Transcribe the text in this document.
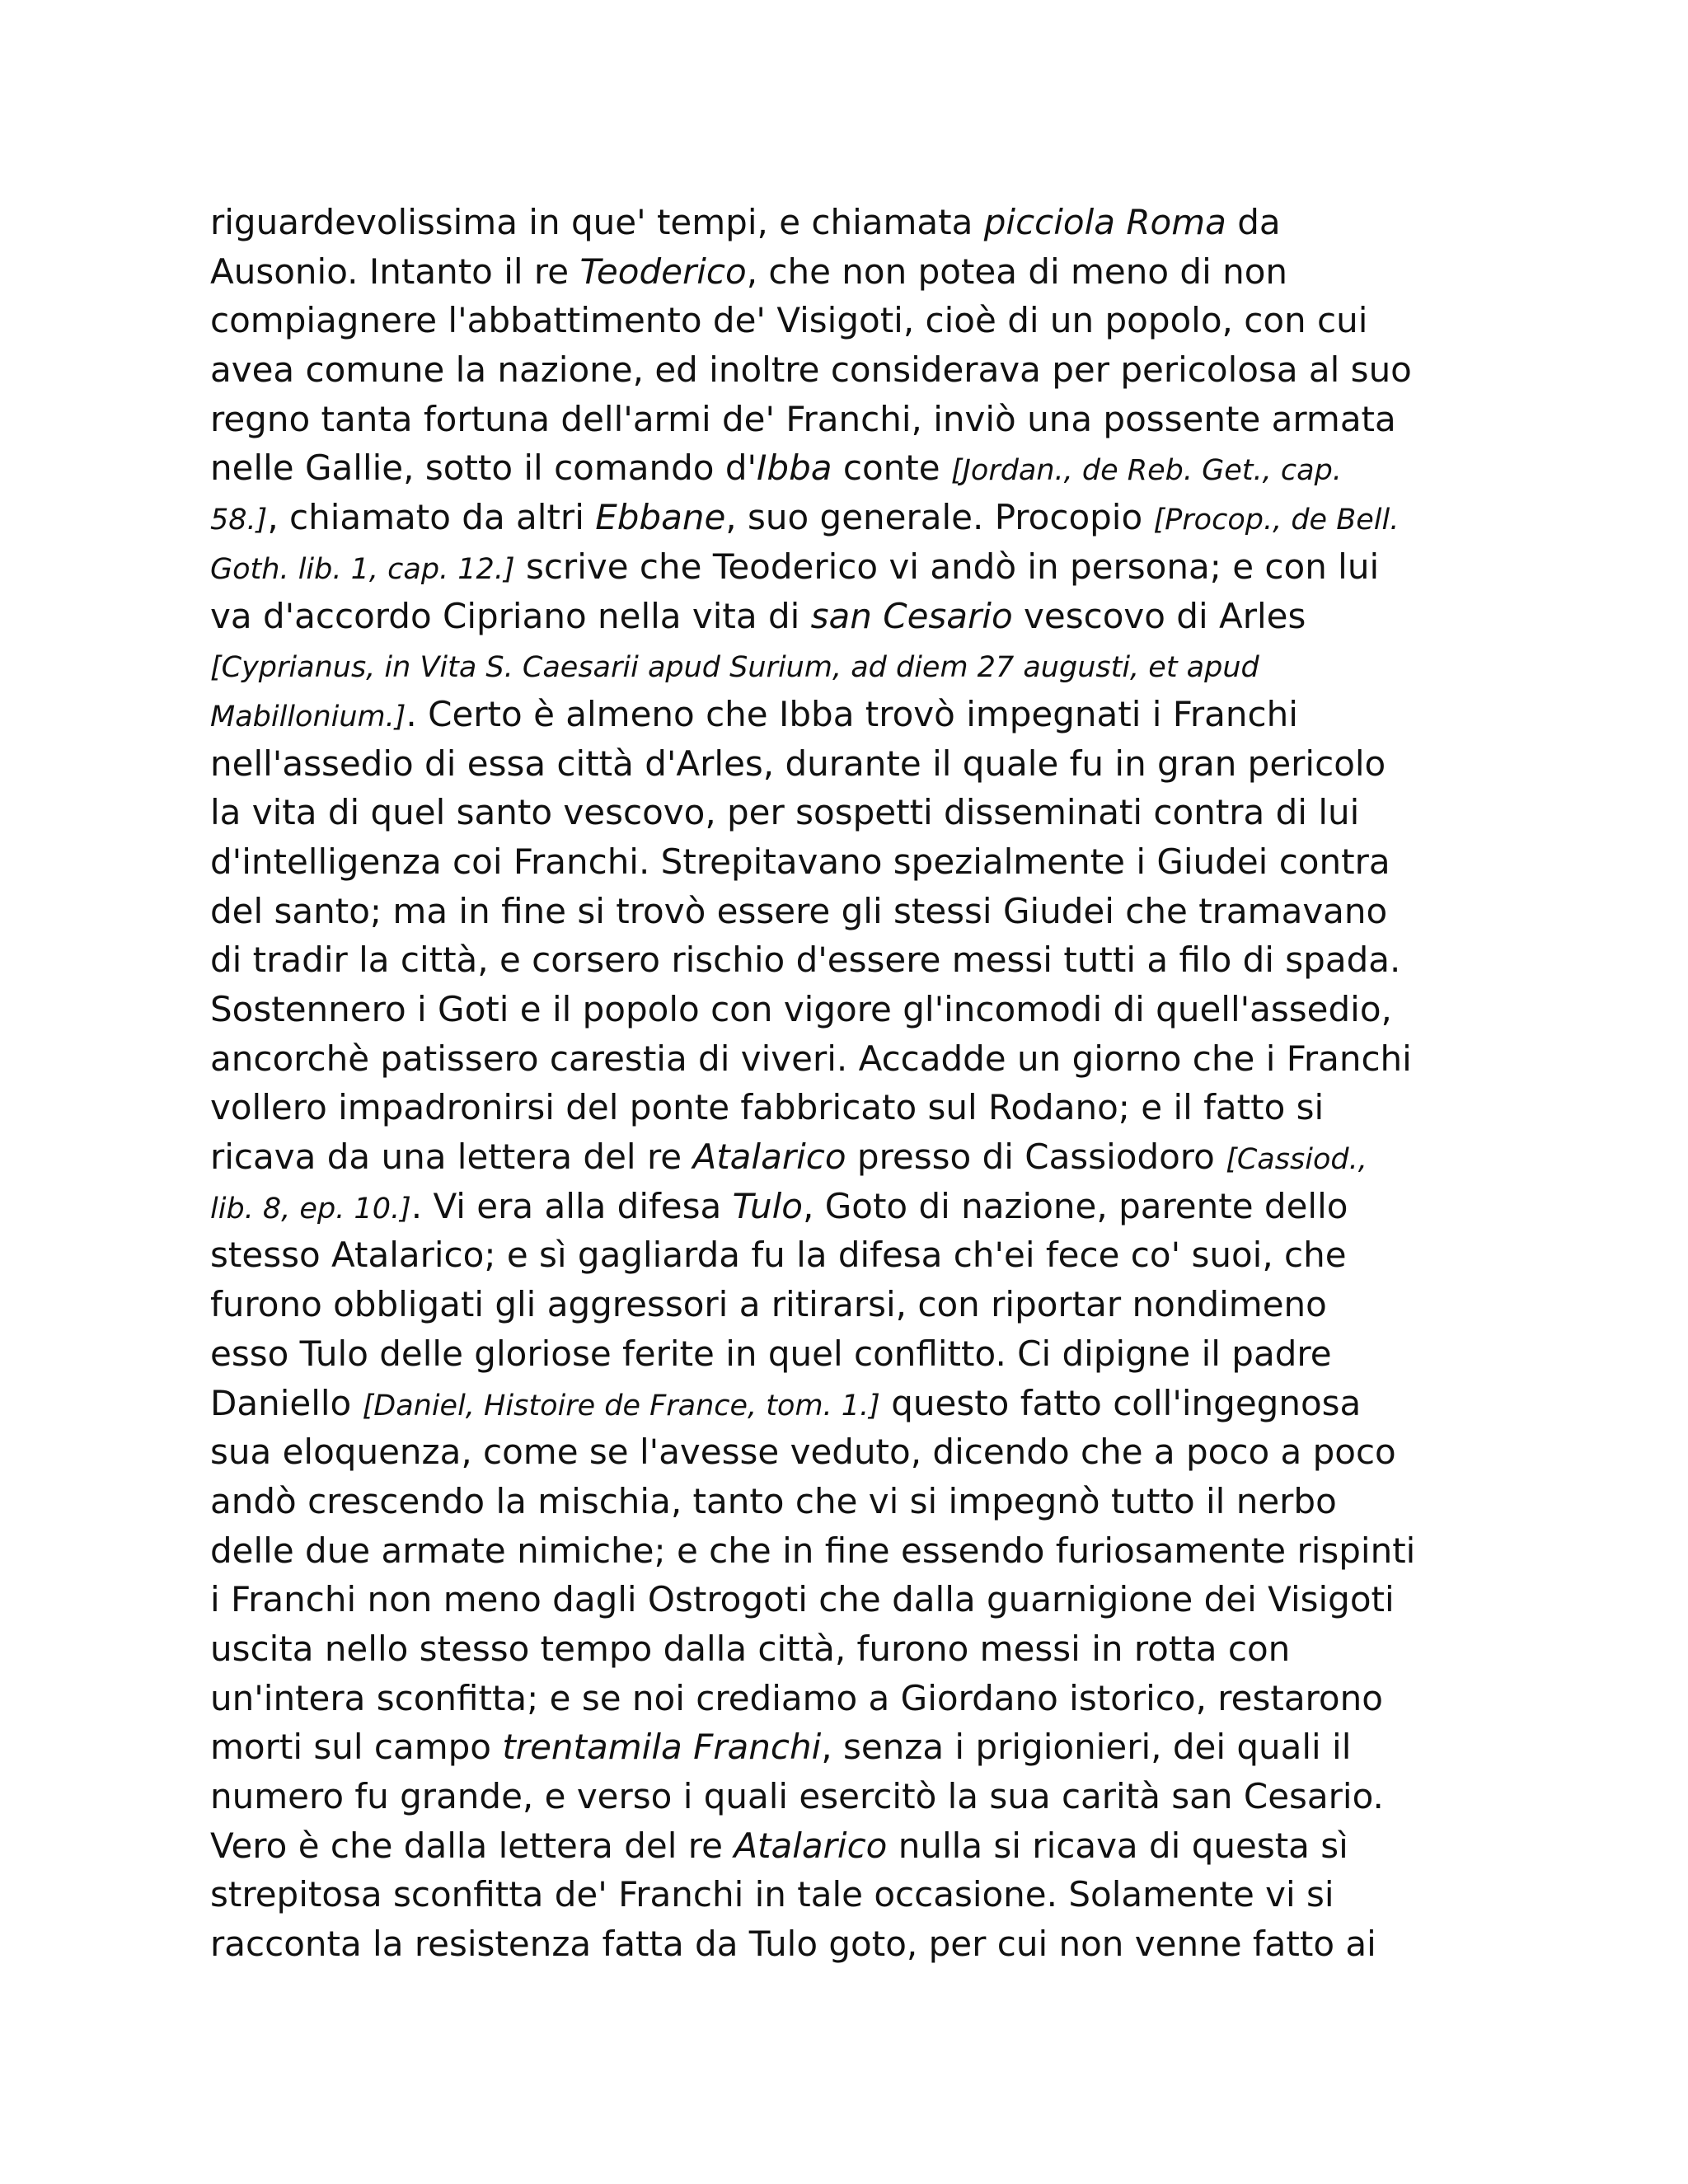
riguardevolissima in que' tempi, e chiamata picciola Roma da
Ausonio. Intanto il re Teoderico, che non potea di meno di non
compiagnere l'abbattimento de' Visigoti, cioè di un popolo, con cui
avea comune la nazione, ed inoltre considerava per pericolosa al suo
regno tanta fortuna dell'armi de' Franchi, inviò una possente armata
nelle Gallie, sotto il comando d'Ibba conte [Jordan., de Reb. Get., cap.
58.], chiamato da altri Ebbane, suo generale. Procopio [Procop., de Bell.
Goth. lib. 1, cap. 12.] scrive che Teoderico vi andò in persona; e con lui
va d'accordo Cipriano nella vita di san Cesario vescovo di Arles
[Cyprianus, in Vita S. Caesarii apud Surium, ad diem 27 augusti, et apud
Mabillonium.]. Certo è almeno che Ibba trovò impegnati i Franchi
nell'assedio di essa città d'Arles, durante il quale fu in gran pericolo
la vita di quel santo vescovo, per sospetti disseminati contra di lui
d'intelligenza coi Franchi. Strepitavano spezialmente i Giudei contra
del santo; ma in fine si trovò essere gli stessi Giudei che tramavano
di tradir la città, e corsero rischio d'essere messi tutti a filo di spada.
Sostennero i Goti e il popolo con vigore gl'incomodi di quell'assedio,
ancorchè patissero carestia di viveri. Accadde un giorno che i Franchi
vollero impadronirsi del ponte fabbricato sul Rodano; e il fatto si
ricava da una lettera del re Atalarico presso di Cassiodoro [Cassiod.,
lib. 8, ep. 10.]. Vi era alla difesa Tulo, Goto di nazione, parente dello
stesso Atalarico; e sì gagliarda fu la difesa ch'ei fece co' suoi, che
furono obbligati gli aggressori a ritirarsi, con riportar nondimeno
esso Tulo delle gloriose ferite in quel conflitto. Ci dipigne il padre
Daniello [Daniel, Histoire de France, tom. 1.] questo fatto coll'ingegnosa
sua eloquenza, come se l'avesse veduto, dicendo che a poco a poco
andò crescendo la mischia, tanto che vi si impegnò tutto il nerbo
delle due armate nimiche; e che in fine essendo furiosamente rispinti
i Franchi non meno dagli Ostrogoti che dalla guarnigione dei Visigoti
uscita nello stesso tempo dalla città, furono messi in rotta con
un'intera sconfitta; e se noi crediamo a Giordano istorico, restarono
morti sul campo trentamila Franchi, senza i prigionieri, dei quali il
numero fu grande, e verso i quali esercitò la sua carità san Cesario.
Vero è che dalla lettera del re Atalarico nulla si ricava di questa sì
strepitosa sconfitta de' Franchi in tale occasione. Solamente vi si
racconta la resistenza fatta da Tulo goto, per cui non venne fatto ai
